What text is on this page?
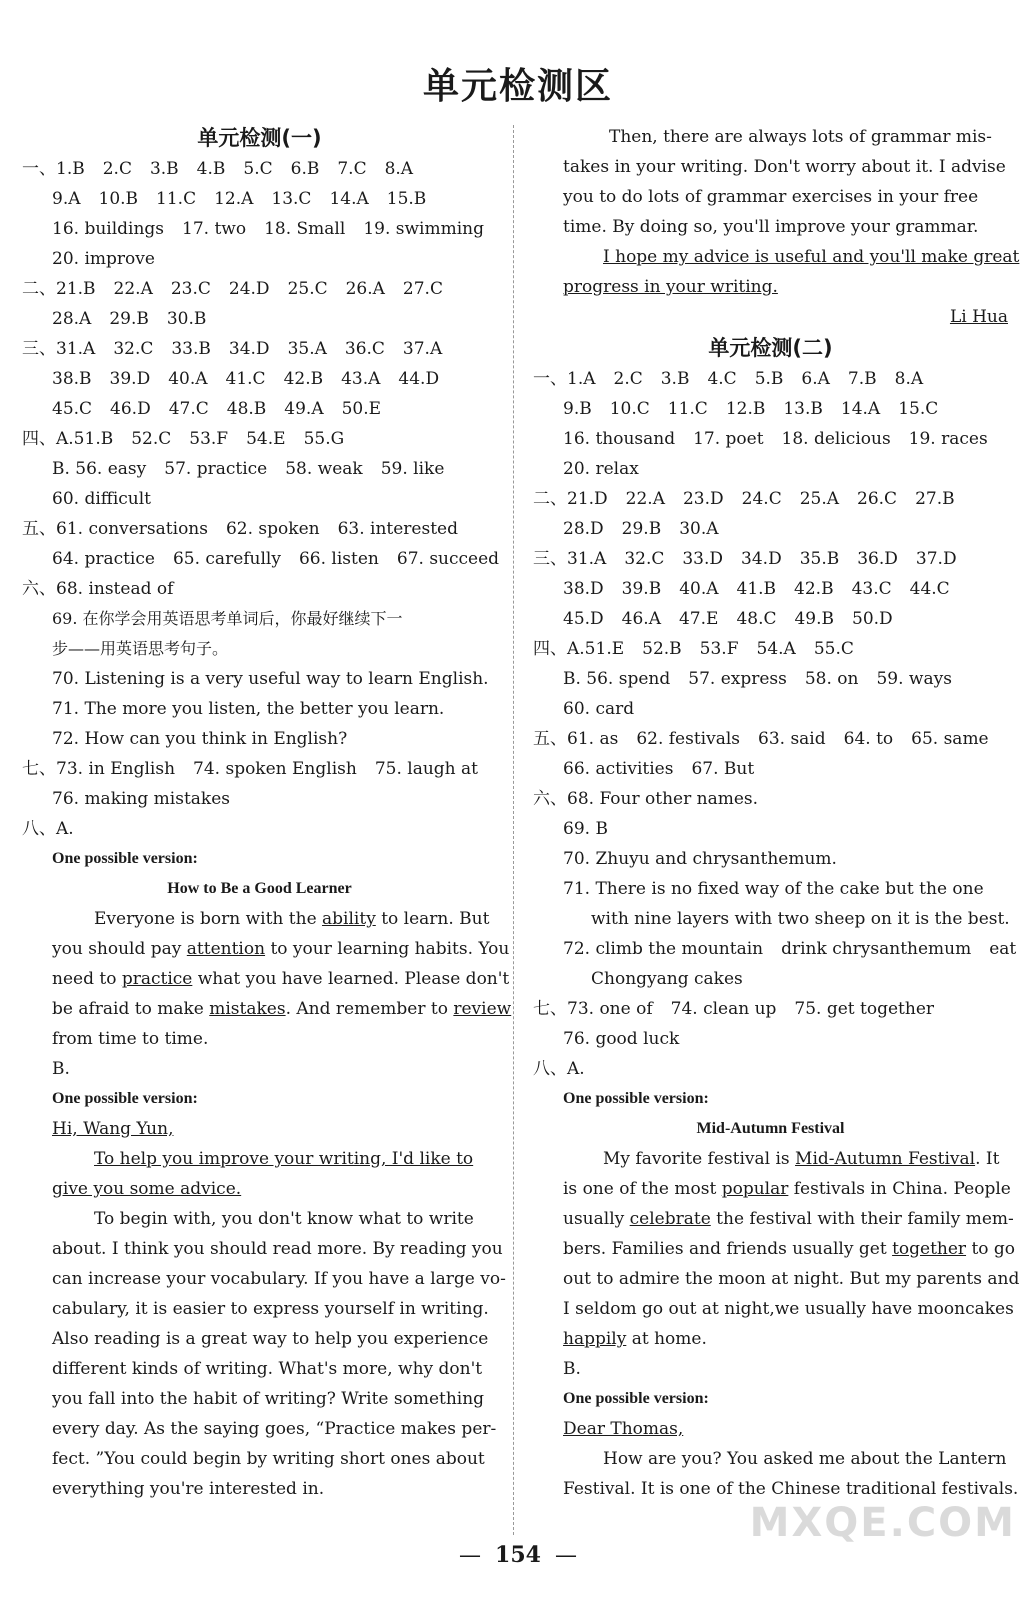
单元检测区
单元检测(一)
一、1.B 2.C 3.B 4.B 5.C 6.B 7.C 8.A
9.A 10.B 11.C 12.A 13.C 14.A 15.B
16. buildings 17. two 18. Small 19. swimming
20. improve
二、21.B 22.A 23.C 24.D 25.C 26.A 27.C
28.A 29.B 30.B
三、31.A 32.C 33.B 34.D 35.A 36.C 37.A
38.B 39.D 40.A 41.C 42.B 43.A 44.D
45.C 46.D 47.C 48.B 49.A 50.E
四、A.51.B 52.C 53.F 54.E 55.G
B. 56. easy 57. practice 58. weak 59. like
60. difficult
五、61. conversations 62. spoken 63. interested
64. practice 65. carefully 66. listen 67. succeed
六、68. instead of
69. 在你学会用英语思考单词后，你最好继续下一
步——用英语思考句子。
70. Listening is a very useful way to learn English.
71. The more you listen, the better you learn.
72. How can you think in English?
七、73. in English 74. spoken English 75. laugh at
76. making mistakes
八、A.
One possible version:
How to Be a Good Learner
Everyone is born with the ability to learn. But
you should pay attention to your learning habits. You
need to practice what you have learned. Please don't
be afraid to make mistakes. And remember to review
from time to time.
B.
One possible version:
Hi, Wang Yun,
To help you improve your writing, I'd like to
give you some advice.
To begin with, you don't know what to write
about. I think you should read more. By reading you
can increase your vocabulary. If you have a large vo-
cabulary, it is easier to express yourself in writing.
Also reading is a great way to help you experience
different kinds of writing. What's more, why don't
you fall into the habit of writing? Write something
every day. As the saying goes, “Practice makes per-
fect. ”You could begin by writing short ones about
everything you're interested in.
Then, there are always lots of grammar mis-
takes in your writing. Don't worry about it. I advise
you to do lots of grammar exercises in your free
time. By doing so, you'll improve your grammar.
I hope my advice is useful and you'll make great
progress in your writing.
Li Hua
单元检测(二)
一、1.A 2.C 3.B 4.C 5.B 6.A 7.B 8.A
9.B 10.C 11.C 12.B 13.B 14.A 15.C
16. thousand 17. poet 18. delicious 19. races
20. relax
二、21.D 22.A 23.D 24.C 25.A 26.C 27.B
28.D 29.B 30.A
三、31.A 32.C 33.D 34.D 35.B 36.D 37.D
38.D 39.B 40.A 41.B 42.B 43.C 44.C
45.D 46.A 47.E 48.C 49.B 50.D
四、A.51.E 52.B 53.F 54.A 55.C
B. 56. spend 57. express 58. on 59. ways
60. card
五、61. as 62. festivals 63. said 64. to 65. same
66. activities 67. But
六、68. Four other names.
69. B
70. Zhuyu and chrysanthemum.
71. There is no fixed way of the cake but the one
with nine layers with two sheep on it is the best.
72. climb the mountain drink chrysanthemum eat
Chongyang cakes
七、73. one of 74. clean up 75. get together
76. good luck
八、A.
One possible version:
Mid-Autumn Festival
My favorite festival is Mid-Autumn Festival. It
is one of the most popular festivals in China. People
usually celebrate the festival with their family mem-
bers. Families and friends usually get together to go
out to admire the moon at night. But my parents and
I seldom go out at night,we usually have mooncakes
happily at home.
B.
One possible version:
Dear Thomas,
How are you? You asked me about the Lantern
Festival. It is one of the Chinese traditional festivals.
— 154 —
MXQE.COM
